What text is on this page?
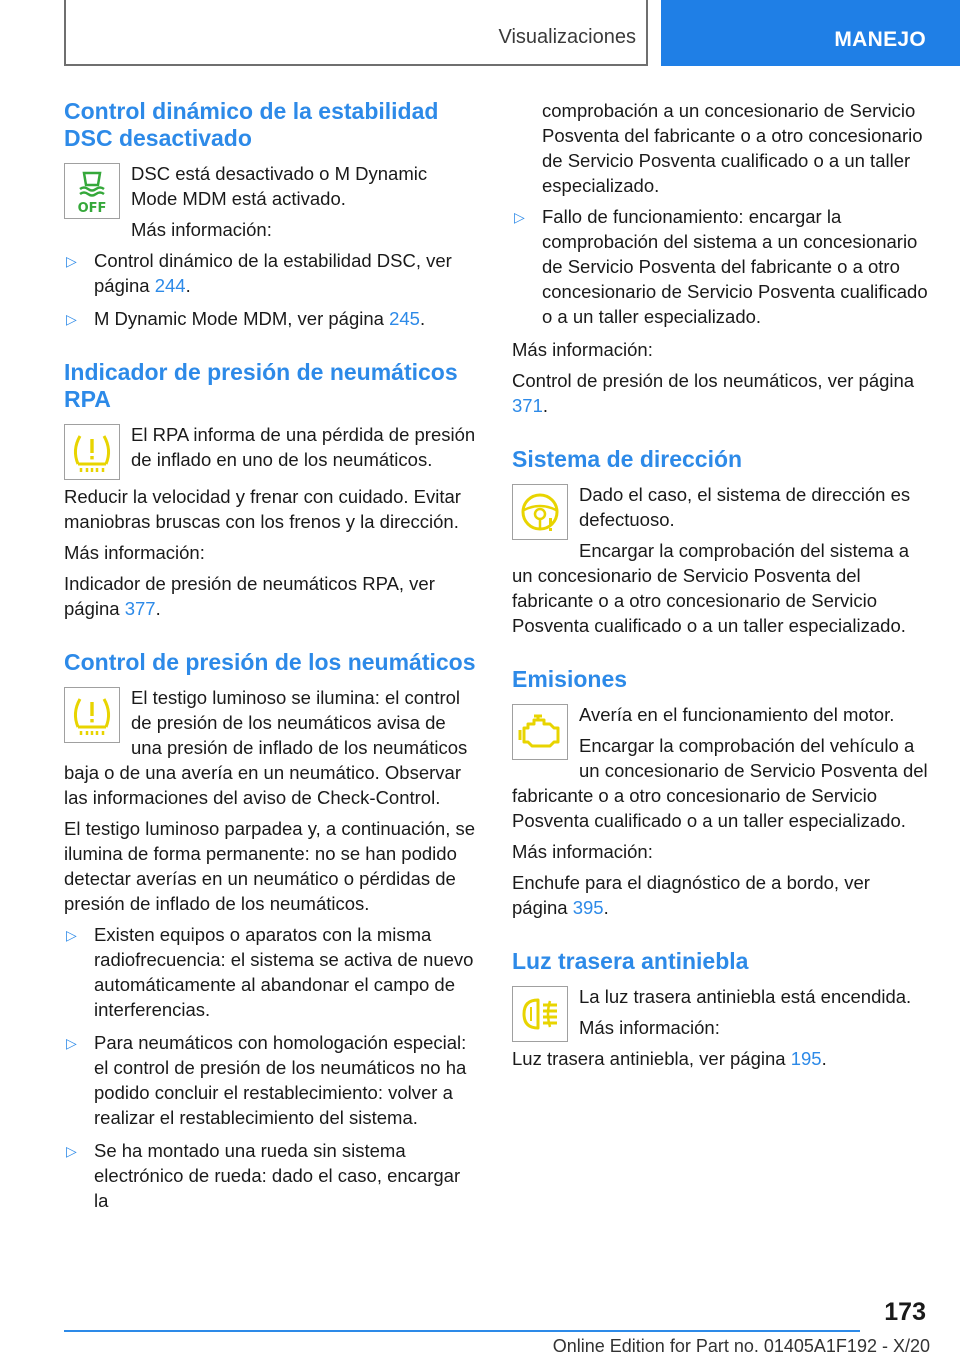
Visualizaciones	MANEJO
Control dinámico de la estabilidad DSC desactivado
OFF

DSC está desactivado o M Dynamic Mode MDM está activado.

Más información:

▷ Control dinámico de la estabilidad DSC, ver página 244.
▷ M Dynamic Mode MDM, ver página 245.
Indicador de presión de neumáticos RPA

El RPA informa de una pérdida de presión de inflado en uno de los neumáticos.

Reducir la velocidad y frenar con cuidado. Evitar maniobras bruscas con los frenos y la dirección.

Más información:

Indicador de presión de neumáticos RPA, ver página 377.

Control de presión de los neumáticos

El testigo luminoso se ilumina: el control de presión de los neumáticos avisa de una presión de inflado de los neumáticos baja o de una avería en un neumático. Observar las informaciones del aviso de Check-Control.

El testigo luminoso parpadea y, a continuación, se ilumina de forma permanente: no se han podido detectar averías en un neumático o pérdidas de presión de inflado de los neumáticos.

▷ Existen equipos o aparatos con la misma radiofrecuencia: el sistema se activa de nuevo automáticamente al abandonar el campo de interferencias.
▷ Para neumáticos con homologación especial: el control de presión de los neumáticos no ha podido concluir el restablecimiento: volver a realizar el restablecimiento del sistema.
▷ Se ha montado una rueda sin sistema electrónico de rueda: dado el caso, encargar la

comprobación a un concesionario de Servicio Posventa del fabricante o a otro concesionario de Servicio Posventa cualificado o a un taller especializado.

▷ Fallo de funcionamiento: encargar la comprobación del sistema a un concesionario de Servicio Posventa del fabricante o a otro concesionario de Servicio Posventa cualificado o a un taller especializado.

Más información:

Control de presión de los neumáticos, ver página 371.

Sistema de dirección

Dado el caso, el sistema de dirección es defectuoso.

Encargar la comprobación del sistema a un concesionario de Servicio Posventa del fabricante o a otro concesionario de Servicio Posventa cualificado o a un taller especializado.

Emisiones

Avería en el funcionamiento del motor.

Encargar la comprobación del vehículo a un concesionario de Servicio Posventa del fabricante o a otro concesionario de Servicio Posventa cualificado o a un taller especializado.

Más información:

Enchufe para el diagnóstico de a bordo, ver página 395.

Luz trasera antiniebla

La luz trasera antiniebla está encendida.

Más información:

Luz trasera antiniebla, ver página 195.

173
Online Edition for Part no. 01405A1F192 - X/20
